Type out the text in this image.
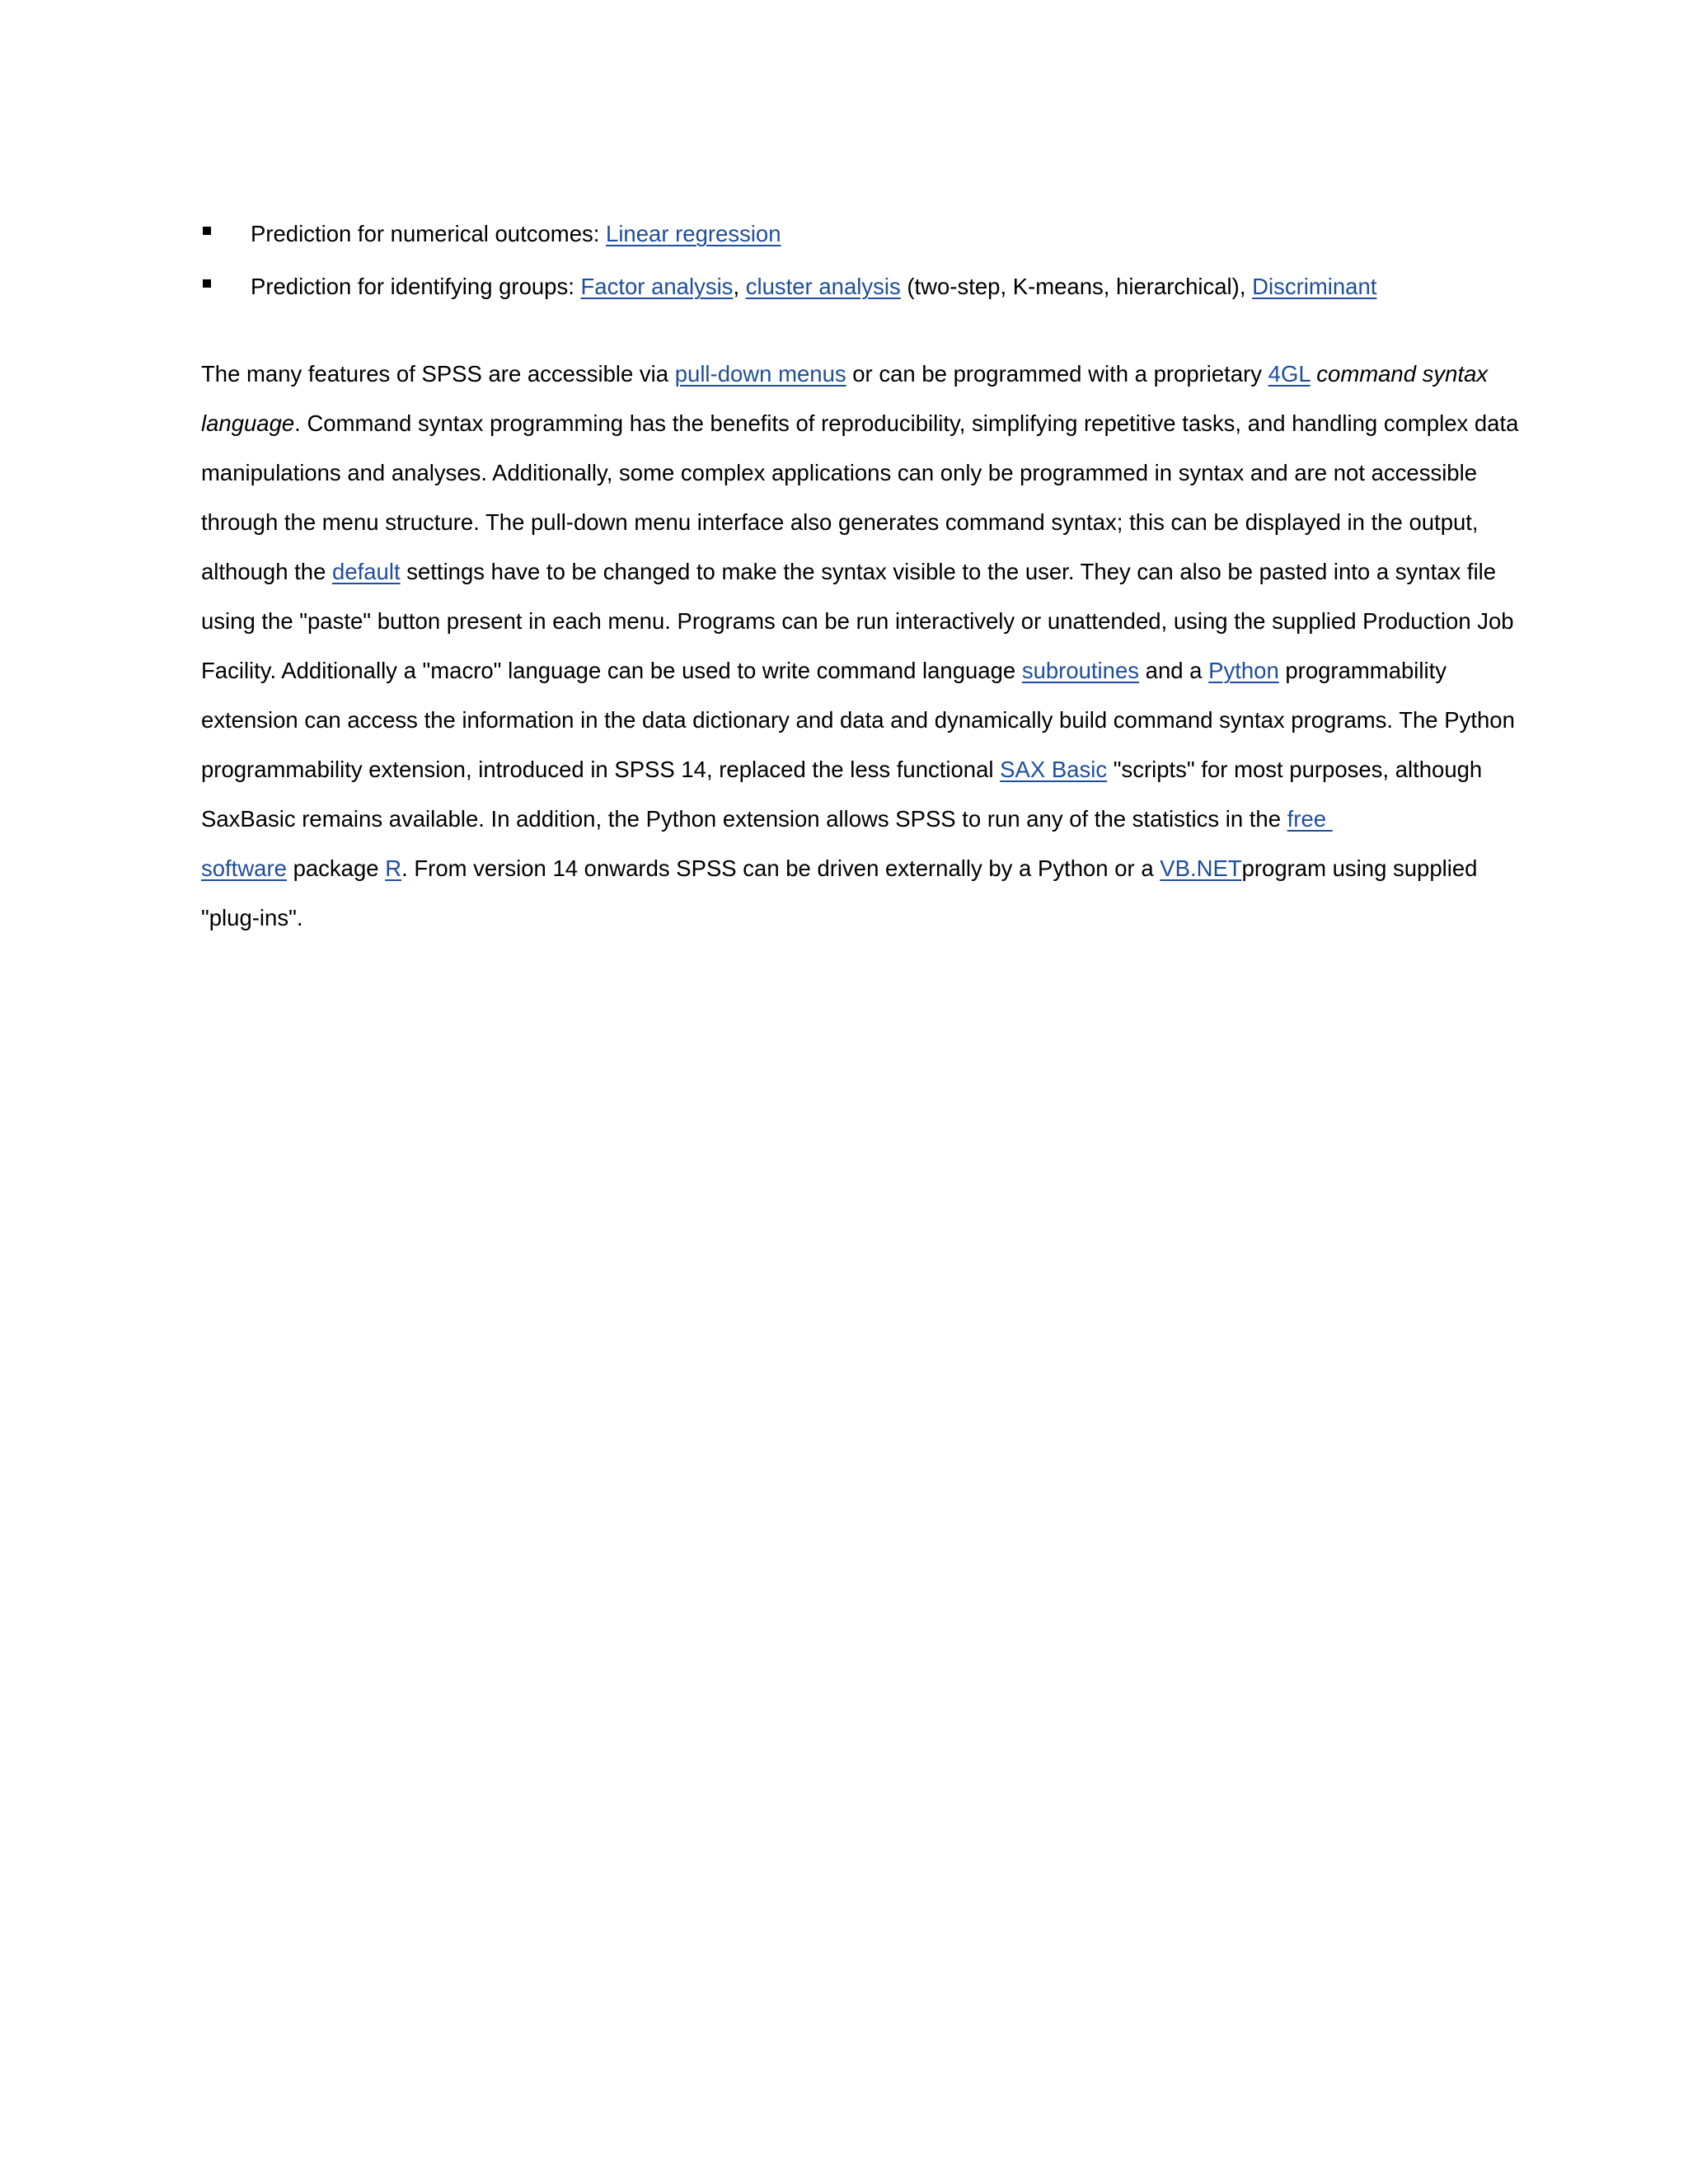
Prediction for numerical outcomes: Linear regression
Prediction for identifying groups: Factor analysis, cluster analysis (two-step, K-means, hierarchical), Discriminant
The many features of SPSS are accessible via pull-down menus or can be programmed with a proprietary 4GL command syntax
language. Command syntax programming has the benefits of reproducibility, simplifying repetitive tasks, and handling complex data
manipulations and analyses. Additionally, some complex applications can only be programmed in syntax and are not accessible
through the menu structure. The pull-down menu interface also generates command syntax; this can be displayed in the output,
although the default settings have to be changed to make the syntax visible to the user. They can also be pasted into a syntax file
using the "paste" button present in each menu. Programs can be run interactively or unattended, using the supplied Production Job
Facility. Additionally a "macro" language can be used to write command language subroutines and a Python programmability
extension can access the information in the data dictionary and data and dynamically build command syntax programs. The Python
programmability extension, introduced in SPSS 14, replaced the less functional SAX Basic "scripts" for most purposes, although
SaxBasic remains available. In addition, the Python extension allows SPSS to run any of the statistics in the free
software package R. From version 14 onwards SPSS can be driven externally by a Python or a VB.NETprogram using supplied
"plug-ins".
